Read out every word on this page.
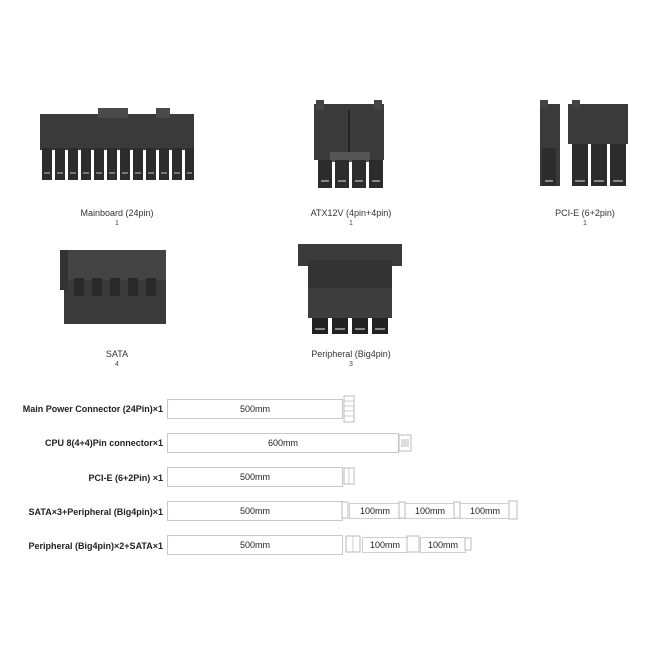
Mainboard (24pin)
1
ATX12V (4pin+4pin)
1
PCI-E (6+2pin)
1
SATA
4
Peripheral (Big4pin)
3
Main Power Connector (24Pin)×1	500mm
CPU 8(4+4)Pin connector×1	600mm
PCI-E (6+2Pin) ×1	500mm
SATA×3+Peripheral (Big4pin)×1	500mm	100mm	100mm	100mm
Peripheral (Big4pin)×2+SATA×1	500mm	100mm	100mm
